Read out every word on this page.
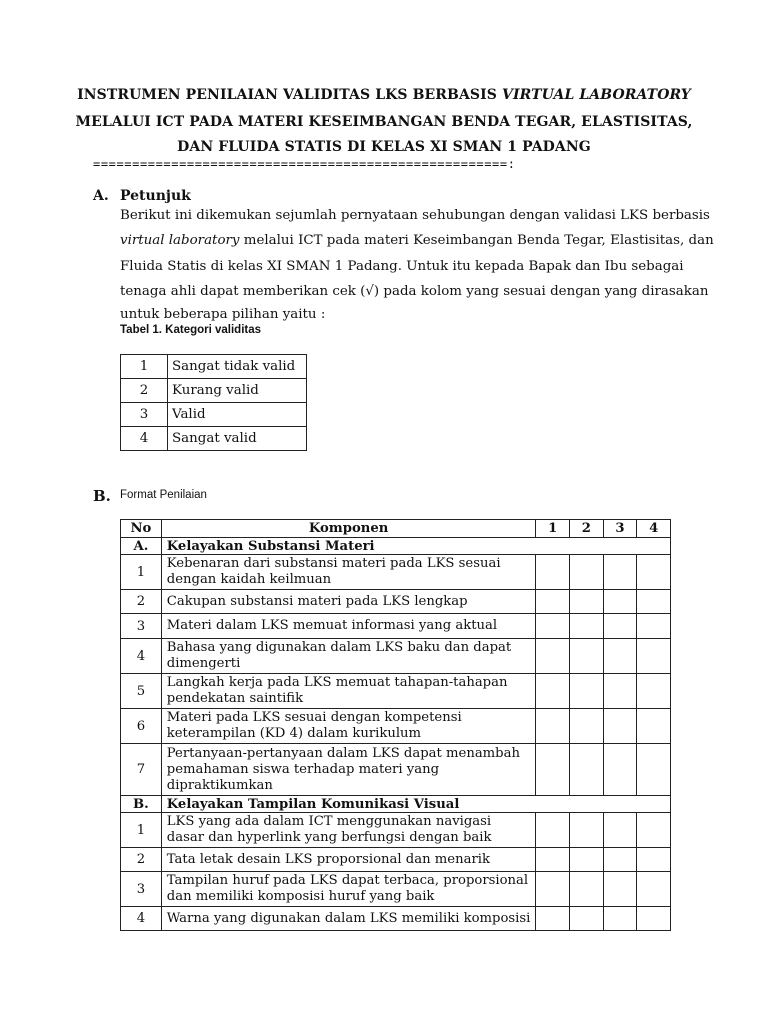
INSTRUMEN PENILAIAN VALIDITAS LKS BERBASIS VIRTUAL LABORATORY
MELALUI ICT PADA MATERI KESEIMBANGAN BENDA TEGAR, ELASTISITAS,
DAN FLUIDA STATIS DI KELAS XI SMAN 1 PADANG
=====================================================:
A. Petunjuk
Berikut ini dikemukan sejumlah pernyataan sehubungan dengan validasi LKS berbasis
virtual laboratory melalui ICT pada materi Keseimbangan Benda Tegar, Elastisitas, dan
Fluida Statis di kelas XI SMAN 1 Padang. Untuk itu kepada Bapak dan Ibu sebagai
tenaga ahli dapat memberikan cek (√) pada kolom yang sesuai dengan yang dirasakan
untuk beberapa pilihan yaitu :
Tabel 1. Kategori validitas
1	Sangat tidak valid
2	Kurang valid
3	Valid
4	Sangat valid
B. Format Penilaian
No	Komponen	1	2	3	4
A.	Kelayakan Substansi Materi				
1	Kebenaran dari substansi materi pada LKS sesuai dengan kaidah keilmuan				
2	Cakupan substansi materi pada LKS lengkap				
3	Materi dalam LKS memuat informasi yang aktual				
4	Bahasa yang digunakan dalam LKS baku dan dapat dimengerti				
5	Langkah kerja pada LKS memuat tahapan-tahapan pendekatan saintifik				
6	Materi pada LKS sesuai dengan kompetensi keterampilan (KD 4) dalam kurikulum				
7	Pertanyaan-pertanyaan dalam LKS dapat menambah pemahaman siswa terhadap materi yang dipraktikumkan				
B.	Kelayakan Tampilan Komunikasi Visual				
1	LKS yang ada dalam ICT menggunakan navigasi dasar dan hyperlink yang berfungsi dengan baik				
2	Tata letak desain LKS proporsional dan menarik				
3	Tampilan huruf pada LKS dapat terbaca, proporsional dan memiliki komposisi huruf yang baik				
4	Warna yang digunakan dalam LKS memiliki komposisi				
